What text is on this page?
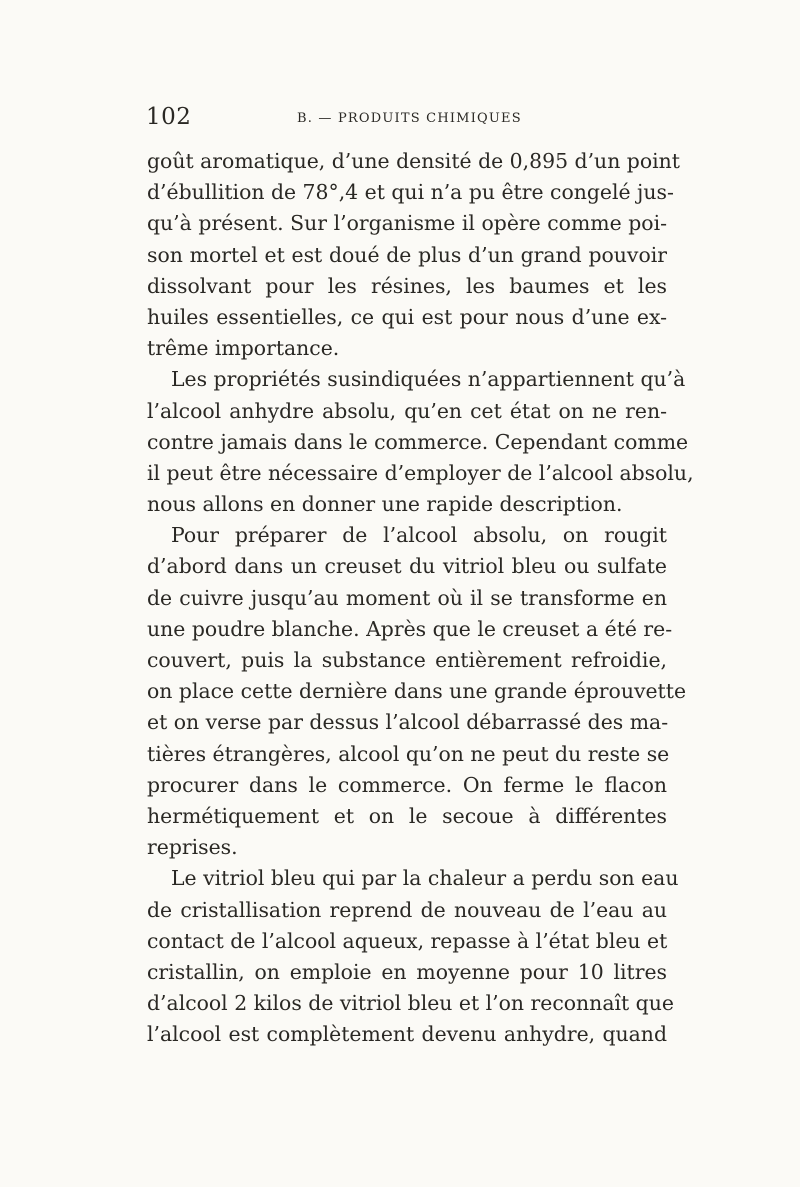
102	B. — PRODUITS CHIMIQUES
goût aromatique, d’une densité de 0,895 d’un point
d’ébullition de 78°,4 et qui n’a pu être congelé jus-
qu’à présent. Sur l’organisme il opère comme poi-
son mortel et est doué de plus d’un grand pouvoir
dissolvant pour les résines, les baumes et les
huiles essentielles, ce qui est pour nous d’une ex-
trême importance.
Les propriétés susindiquées n’appartiennent qu’à
l’alcool anhydre absolu, qu’en cet état on ne ren-
contre jamais dans le commerce. Cependant comme
il peut être nécessaire d’employer de l’alcool absolu,
nous allons en donner une rapide description.
Pour préparer de l’alcool absolu, on rougit
d’abord dans un creuset du vitriol bleu ou sulfate
de cuivre jusqu’au moment où il se transforme en
une poudre blanche. Après que le creuset a été re-
couvert, puis la substance entièrement refroidie,
on place cette dernière dans une grande éprouvette
et on verse par dessus l’alcool débarrassé des ma-
tières étrangères, alcool qu’on ne peut du reste se
procurer dans le commerce. On ferme le flacon
hermétiquement et on le secoue à différentes
reprises.
Le vitriol bleu qui par la chaleur a perdu son eau
de cristallisation reprend de nouveau de l’eau au
contact de l’alcool aqueux, repasse à l’état bleu et
cristallin, on emploie en moyenne pour 10 litres
d’alcool 2 kilos de vitriol bleu et l’on reconnaît que
l’alcool est complètement devenu anhydre, quand
